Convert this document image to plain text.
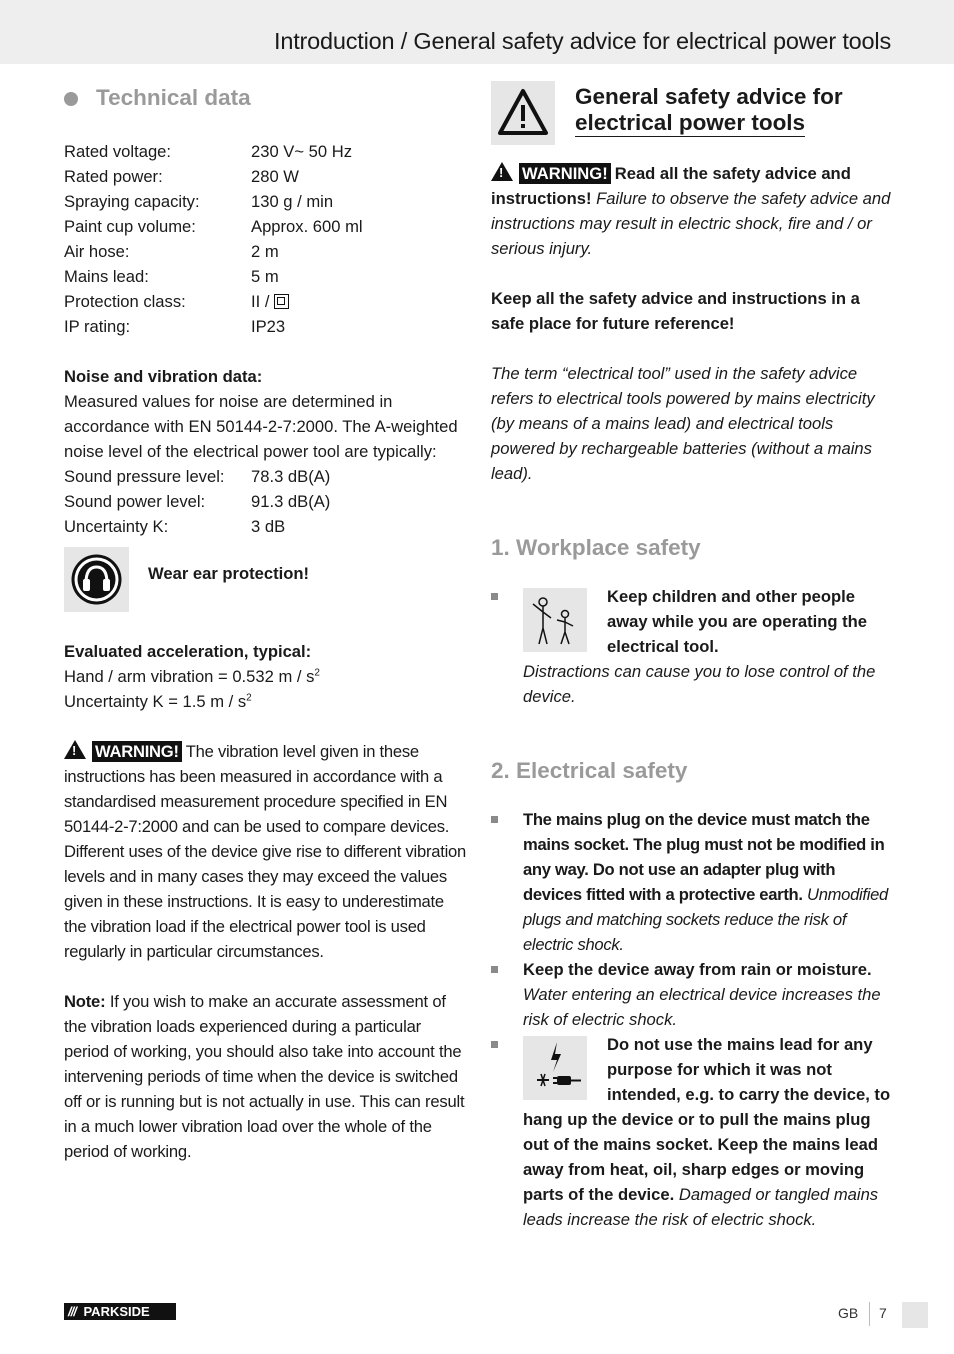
Introduction / General safety advice for electrical power tools
Technical data
Rated voltage:	230 V~ 50 Hz
Rated power:	280 W
Spraying capacity:	130 g / min
Paint cup volume:	Approx. 600 ml
Air hose:	2 m
Mains lead:	5 m
Protection class:	II /

IP rating:	IP23
Noise and vibration data:
Measured values for noise are determined in accordance with EN 50144-2-7:2000. The A-weighted noise level of the electrical power tool are typically:
Sound pressure level:	78.3 dB(A)
Sound power level:	91.3 dB(A)
Uncertainty K:	3 dB
Wear ear protection!
Evaluated acceleration, typical:
Hand / arm vibration = 0.532 m / $s^2$
Uncertainty K = 1.5 m / $s^2$
!WARNING! The vibration level given in these instructions has been measured in accordance with a standardised measurement procedure specified in EN 50144-2-7:2000 and can be used to compare devices. Different uses of the device give rise to different vibration levels and in many cases they may exceed the values given in these instructions. It is easy to underestimate the vibration load if the electrical power tool is used regularly in particular circumstances.
Note: If you wish to make an accurate assessment of the vibration loads experienced during a particular period of working, you should also take into account the intervening periods of time when the device is switched off or is running but is not actually in use. This can result in a much lower vibration load over the whole of the period of working.
General safety advice for
electrical power tools
!WARNING! Read all the safety advice and instructions! Failure to observe the safety advice and instructions may result in electric shock, fire and / or serious injury.
Keep all the safety advice and instructions in a safe place for future reference!
The term “electrical tool” used in the safety advice refers to electrical tools powered by mains electricity (by means of a mains lead) and electrical tools powered by rechargeable batteries (without a mains lead).
1. Workplace safety
Keep children and other people away while you are operating the electrical tool.
Distractions can cause you to lose control of the device.
2. Electrical safety
The mains plug on the device must match the mains socket. The plug must not be modified in any way. Do not use an adapter plug with devices fitted with a protective earth. Unmodified plugs and matching sockets reduce the risk of electric shock.
Keep the device away from rain or moisture. Water entering an electrical device increases the risk of electric shock.
Do not use the mains lead for any purpose for which it was not intended, e.g. to carry the device, to hang up the device or to pull the mains plug out of the mains socket. Keep the mains lead away from heat, oil, sharp edges or moving parts of the device. Damaged or tangled mains leads increase the risk of electric shock.
/// PARKSIDE	GB 7
